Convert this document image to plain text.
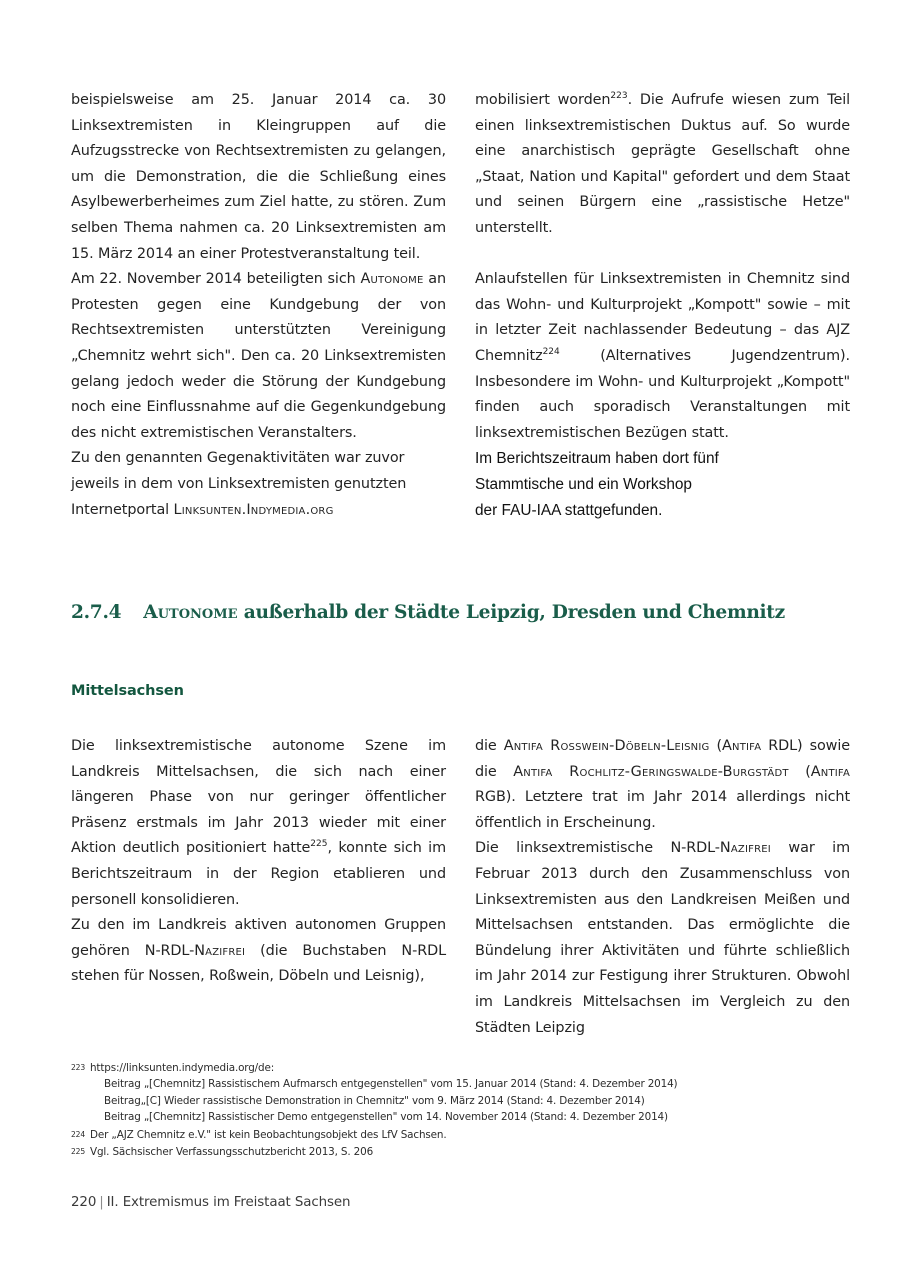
beispielsweise am 25. Januar 2014 ca. 30 Linksextremisten in Kleingruppen auf die Aufzugsstrecke von Rechtsextremisten zu gelangen, um die Demonstration, die die Schließung eines Asylbewerberheimes zum Ziel hatte, zu stören. Zum selben Thema nahmen ca. 20 Linksextremisten am 15. März 2014 an einer Protestveranstaltung teil.

Am 22. November 2014 beteiligten sich Autonome an Protesten gegen eine Kundgebung der von Rechtsextremisten unterstützten Vereinigung „Chemnitz wehrt sich". Den ca. 20 Linksextremisten gelang jedoch weder die Störung der Kundgebung noch eine Einflussnahme auf die Gegenkundgebung des nicht extremistischen Veranstalters.

Zu den genannten Gegenaktivitäten war zuvor jeweils in dem von Linksextremisten genutzten Internetportal Linksunten.Indymedia.org

mobilisiert worden$^{223}$. Die Aufrufe wiesen zum Teil einen linksextremistischen Duktus auf. So wurde eine anarchistisch geprägte Gesellschaft ohne „Staat, Nation und Kapital" gefordert und dem Staat und seinen Bürgern eine „rassistische Hetze" unterstellt.

Anlaufstellen für Linksextremisten in Chemnitz sind das Wohn- und Kulturprojekt „Kompott" sowie – mit in letzter Zeit nachlassender Bedeutung – das AJZ Chemnitz$^{224}$ (Alternatives Jugendzentrum). Insbesondere im Wohn- und Kulturprojekt „Kompott" finden auch sporadisch Veranstaltungen mit linksextremistischen Bezügen statt.

Im Berichtszeitraum haben dort fünf

Stammtische und ein Workshop

der FAU-IAA stattgefunden.

2.7.4 Autonome außerhalb der Städte Leipzig, Dresden und Chemnitz
Mittelsachsen

Die linksextremistische autonome Szene im Landkreis Mittelsachsen, die sich nach einer längeren Phase von nur geringer öffentlicher Präsenz erstmals im Jahr 2013 wieder mit einer Aktion deutlich positioniert hatte$^{225}$, konnte sich im Berichtszeitraum in der Region etablieren und personell konsolidieren.

Zu den im Landkreis aktiven autonomen Gruppen gehören N-RDL-Nazifrei (die Buchstaben N-RDL stehen für Nossen, Roßwein, Döbeln und Leisnig),

die Antifa Rosswein-Döbeln-Leisnig (Antifa RDL) sowie die Antifa Rochlitz-Geringswalde-Burgstädt (Antifa RGB). Letztere trat im Jahr 2014 allerdings nicht öffentlich in Erscheinung.

Die linksextremistische N-RDL-Nazifrei war im Februar 2013 durch den Zusammenschluss von Linksextremisten aus den Landkreisen Meißen und Mittelsachsen entstanden. Das ermöglichte die Bündelung ihrer Aktivitäten und führte schließlich im Jahr 2014 zur Festigung ihrer Strukturen. Obwohl im Landkreis Mittelsachsen im Vergleich zu den Städten Leipzig

223 https://linksunten.indymedia.org/de:
Beitrag „[Chemnitz] Rassistischem Aufmarsch entgegenstellen" vom 15. Januar 2014 (Stand: 4. Dezember 2014)
Beitrag„[C] Wieder rassistische Demonstration in Chemnitz" vom 9. März 2014 (Stand: 4. Dezember 2014)
Beitrag „[Chemnitz] Rassistischer Demo entgegenstellen" vom 14. November 2014 (Stand: 4. Dezember 2014)
224 Der „AJZ Chemnitz e.V." ist kein Beobachtungsobjekt des LfV Sachsen.
225 Vgl. Sächsischer Verfassungsschutzbericht 2013, S. 206
220 | II. Extremismus im Freistaat Sachsen
